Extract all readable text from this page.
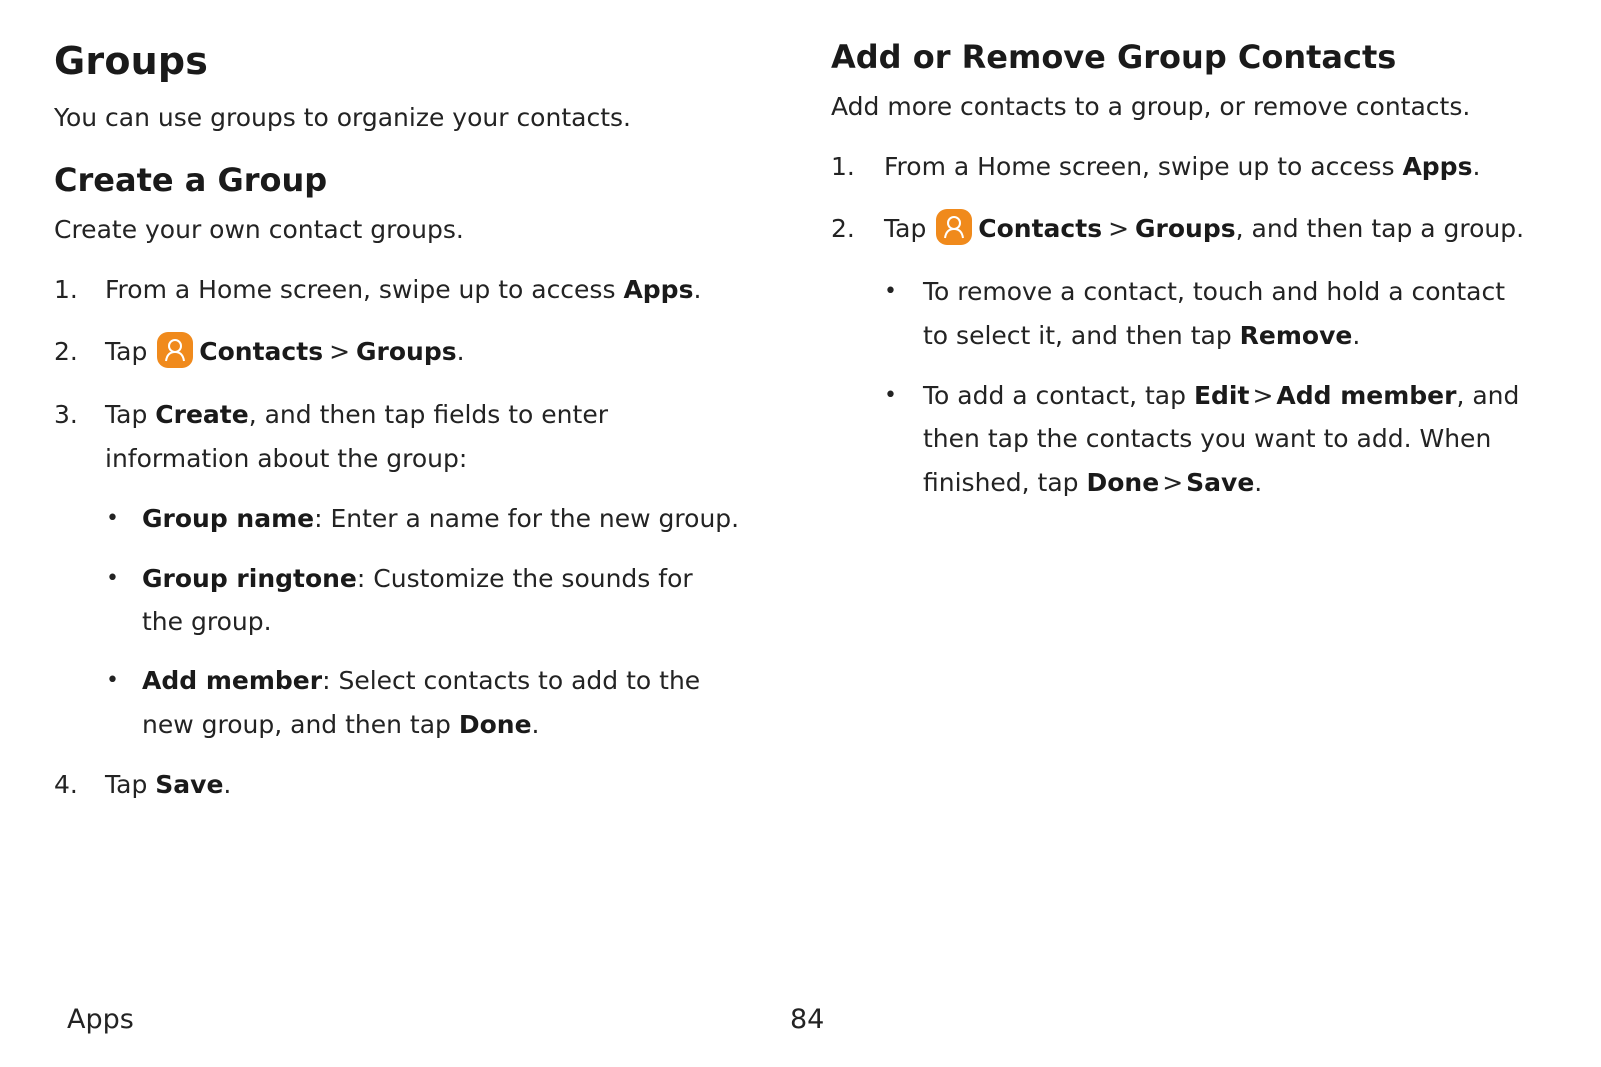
Groups

You can use groups to organize your contacts.

Create a Group

Create your own contact groups.

1. From a Home screen, swipe up to access Apps.

2. Tap Contacts > Groups.

3. Tap Create, and then tap fields to enter

information about the group:

• Group name: Enter a name for the new group.

• Group ringtone: Customize the sounds for

the group.

• Add member: Select contacts to add to the

new group, and then tap Done.

4. Tap Save.

Add or Remove Group Contacts

Add more contacts to a group, or remove contacts.

1. From a Home screen, swipe up to access Apps.

2. Tap Contacts > Groups, and then tap a group.

• To remove a contact, touch and hold a contact

to select it, and then tap Remove.

• To add a contact, tap Edit > Add member, and

then tap the contacts you want to add. When

finished, tap Done > Save.

Apps	84
